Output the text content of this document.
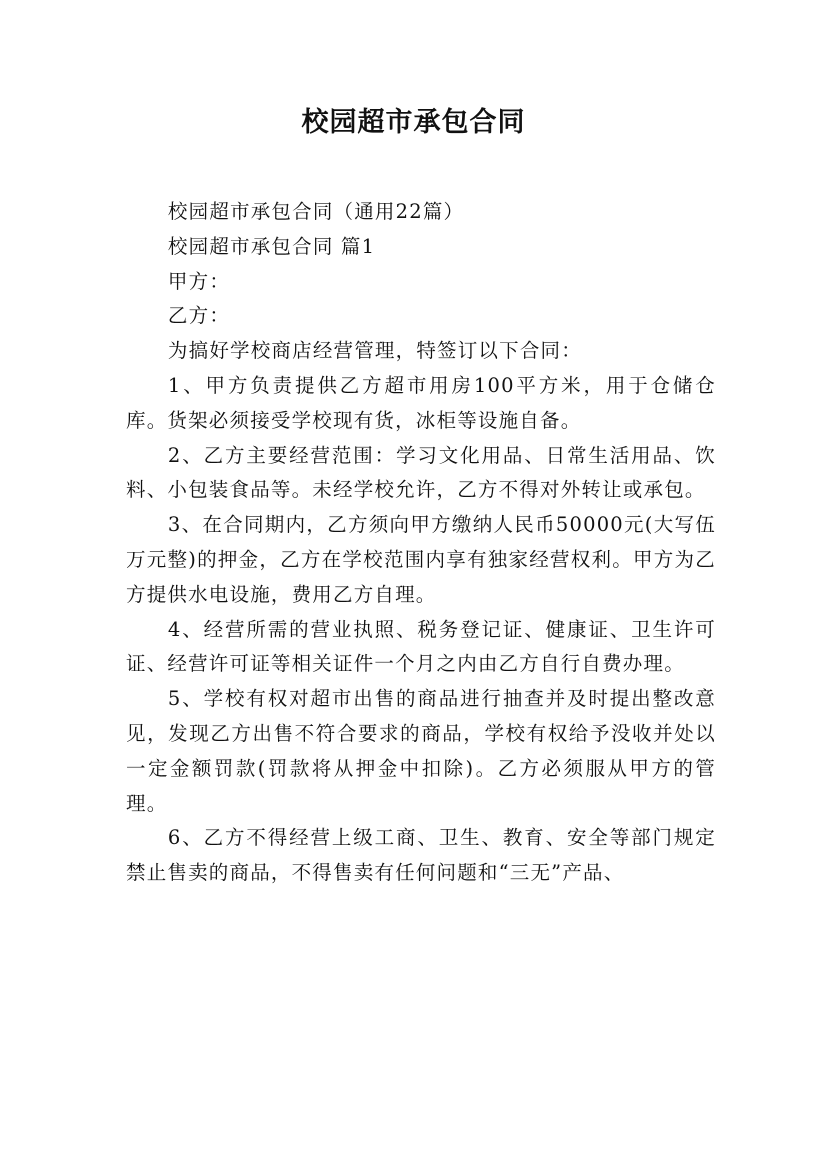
校园超市承包合同

校园超市承包合同（通用22篇）

校园超市承包合同 篇1

甲方：

乙方：

为搞好学校商店经营管理，特签订以下合同：

1、甲方负责提供乙方超市用房100平方米，用于仓储仓库。货架必须接受学校现有货，冰柜等设施自备。

2、乙方主要经营范围：学习文化用品、日常生活用品、饮料、小包装食品等。未经学校允许，乙方不得对外转让或承包。

3、在合同期内，乙方须向甲方缴纳人民币50000元(大写伍万元整)的押金，乙方在学校范围内享有独家经营权利。甲方为乙方提供水电设施，费用乙方自理。

4、经营所需的营业执照、税务登记证、健康证、卫生许可证、经营许可证等相关证件一个月之内由乙方自行自费办理。

5、学校有权对超市出售的商品进行抽查并及时提出整改意见，发现乙方出售不符合要求的商品，学校有权给予没收并处以一定金额罚款(罚款将从押金中扣除)。乙方必须服从甲方的管理。

6、乙方不得经营上级工商、卫生、教育、安全等部门规定禁止售卖的商品，不得售卖有任何问题和“三无”产品、
